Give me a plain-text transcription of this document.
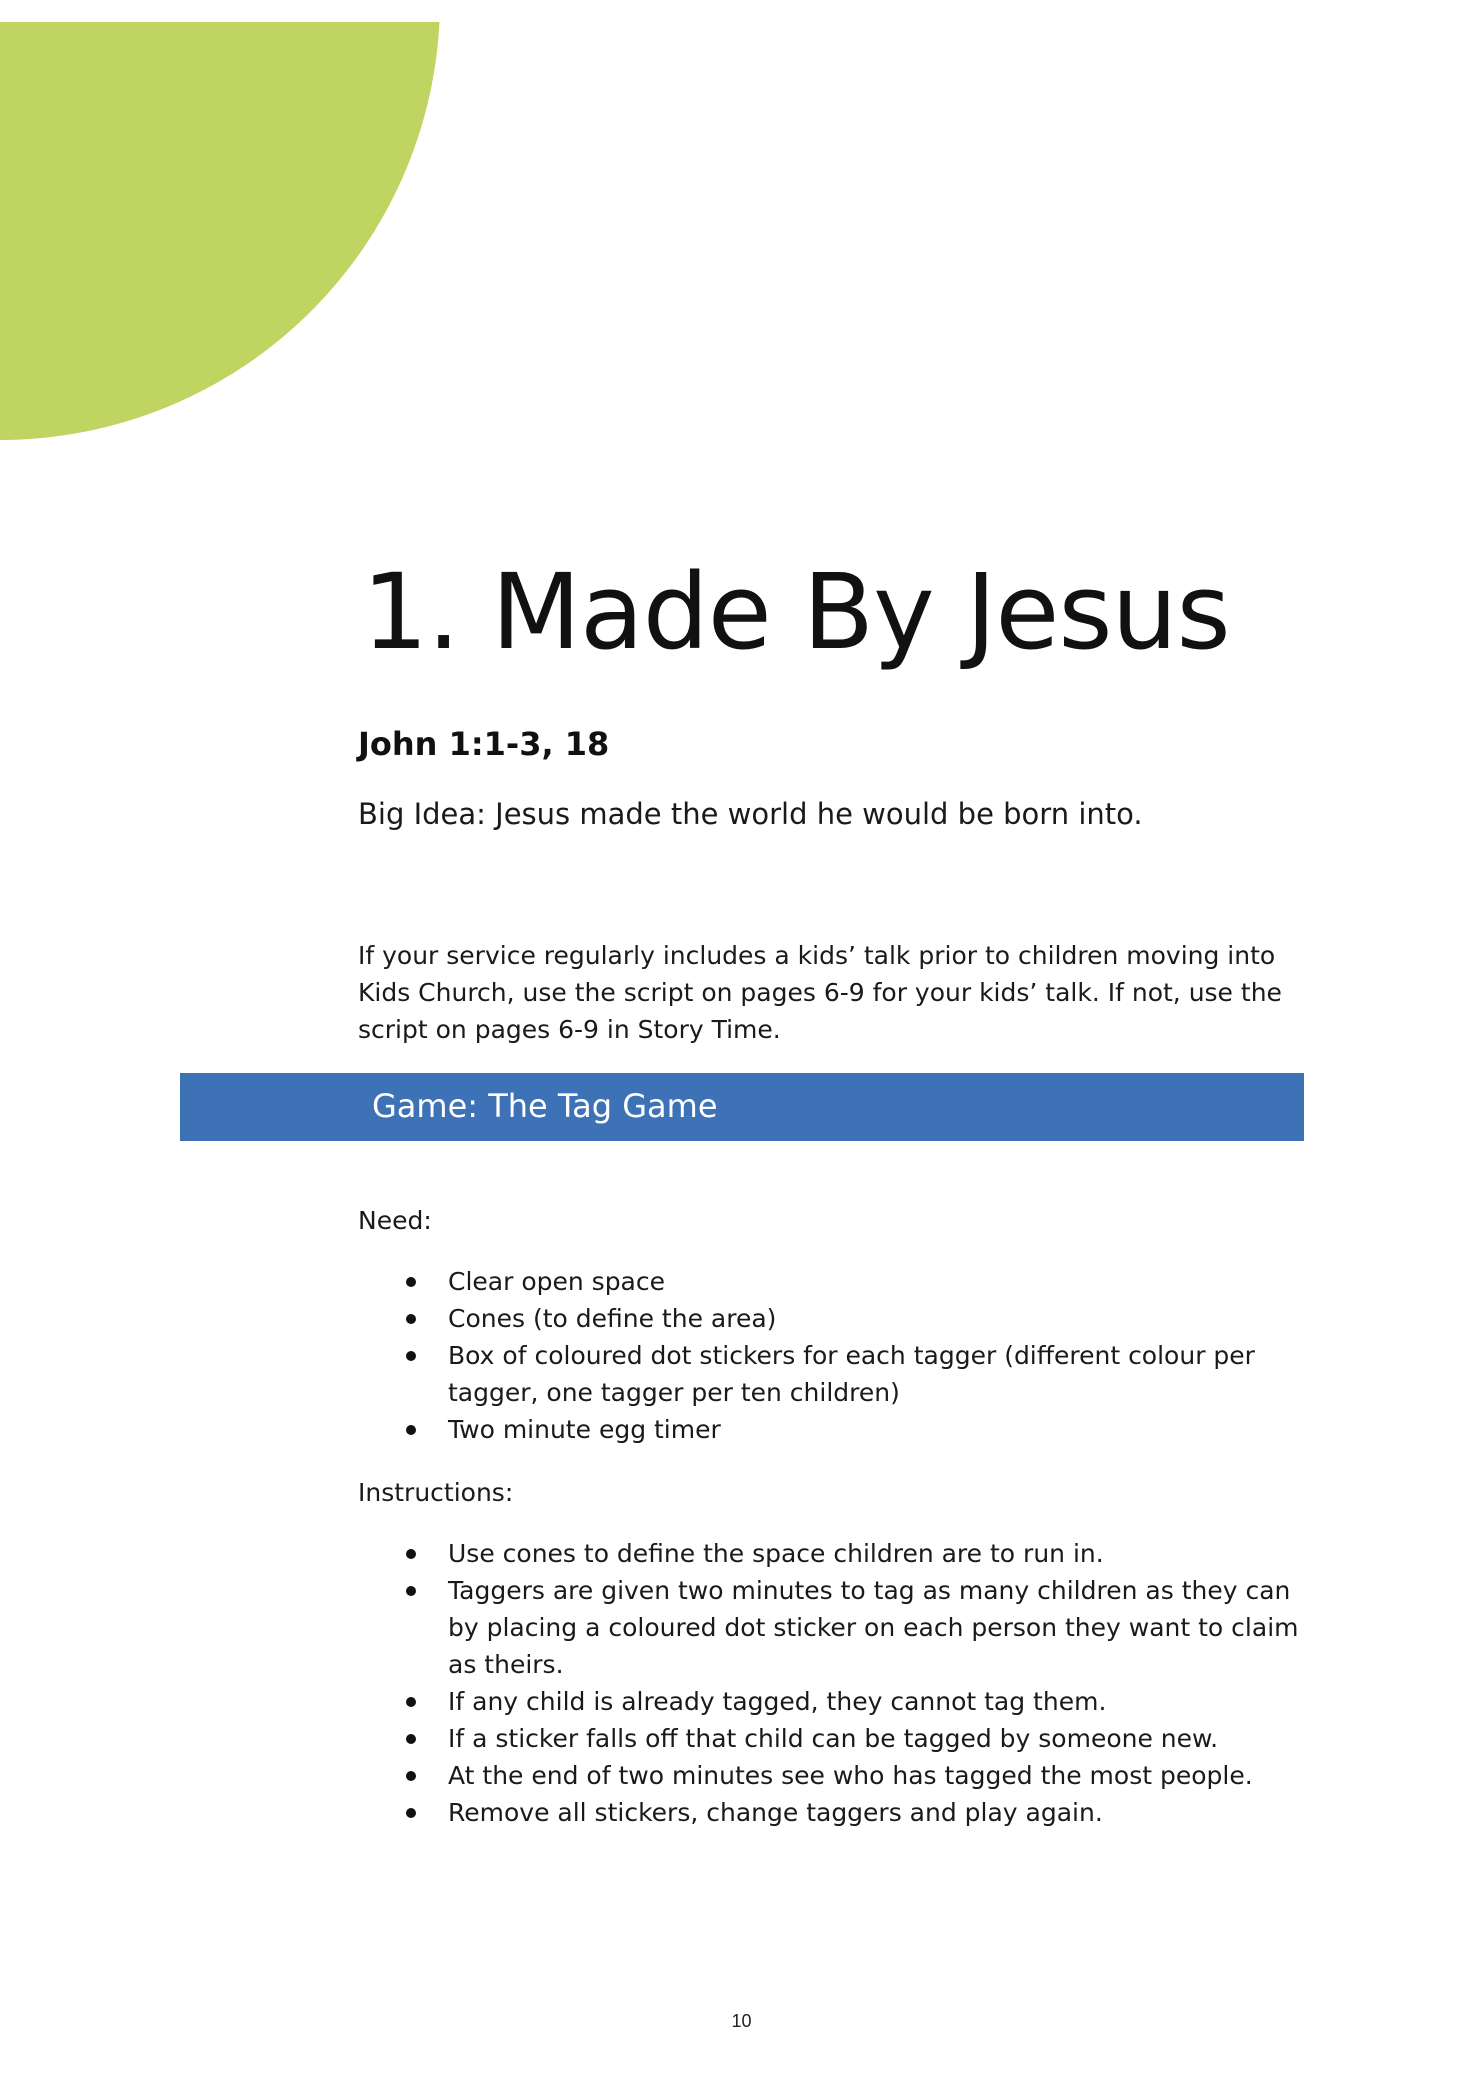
1. Made By Jesus
John 1:1-3, 18

Big Idea: Jesus made the world he would be born into.

If your service regularly includes a kids’ talk prior to children moving into Kids Church, use the script on pages 6-9 for your kids’ talk. If not, use the script on pages 6-9 in Story Time.

Game: The Tag Game

Need:

Clear open space
Cones (to define the area)
Box of coloured dot stickers for each tagger (different colour per tagger, one tagger per ten children)
Two minute egg timer

Instructions:

Use cones to define the space children are to run in.
Taggers are given two minutes to tag as many children as they can by placing a coloured dot sticker on each person they want to claim as theirs.
If any child is already tagged, they cannot tag them.
If a sticker falls off that child can be tagged by someone new.
At the end of two minutes see who has tagged the most people.
Remove all stickers, change taggers and play again.
10
